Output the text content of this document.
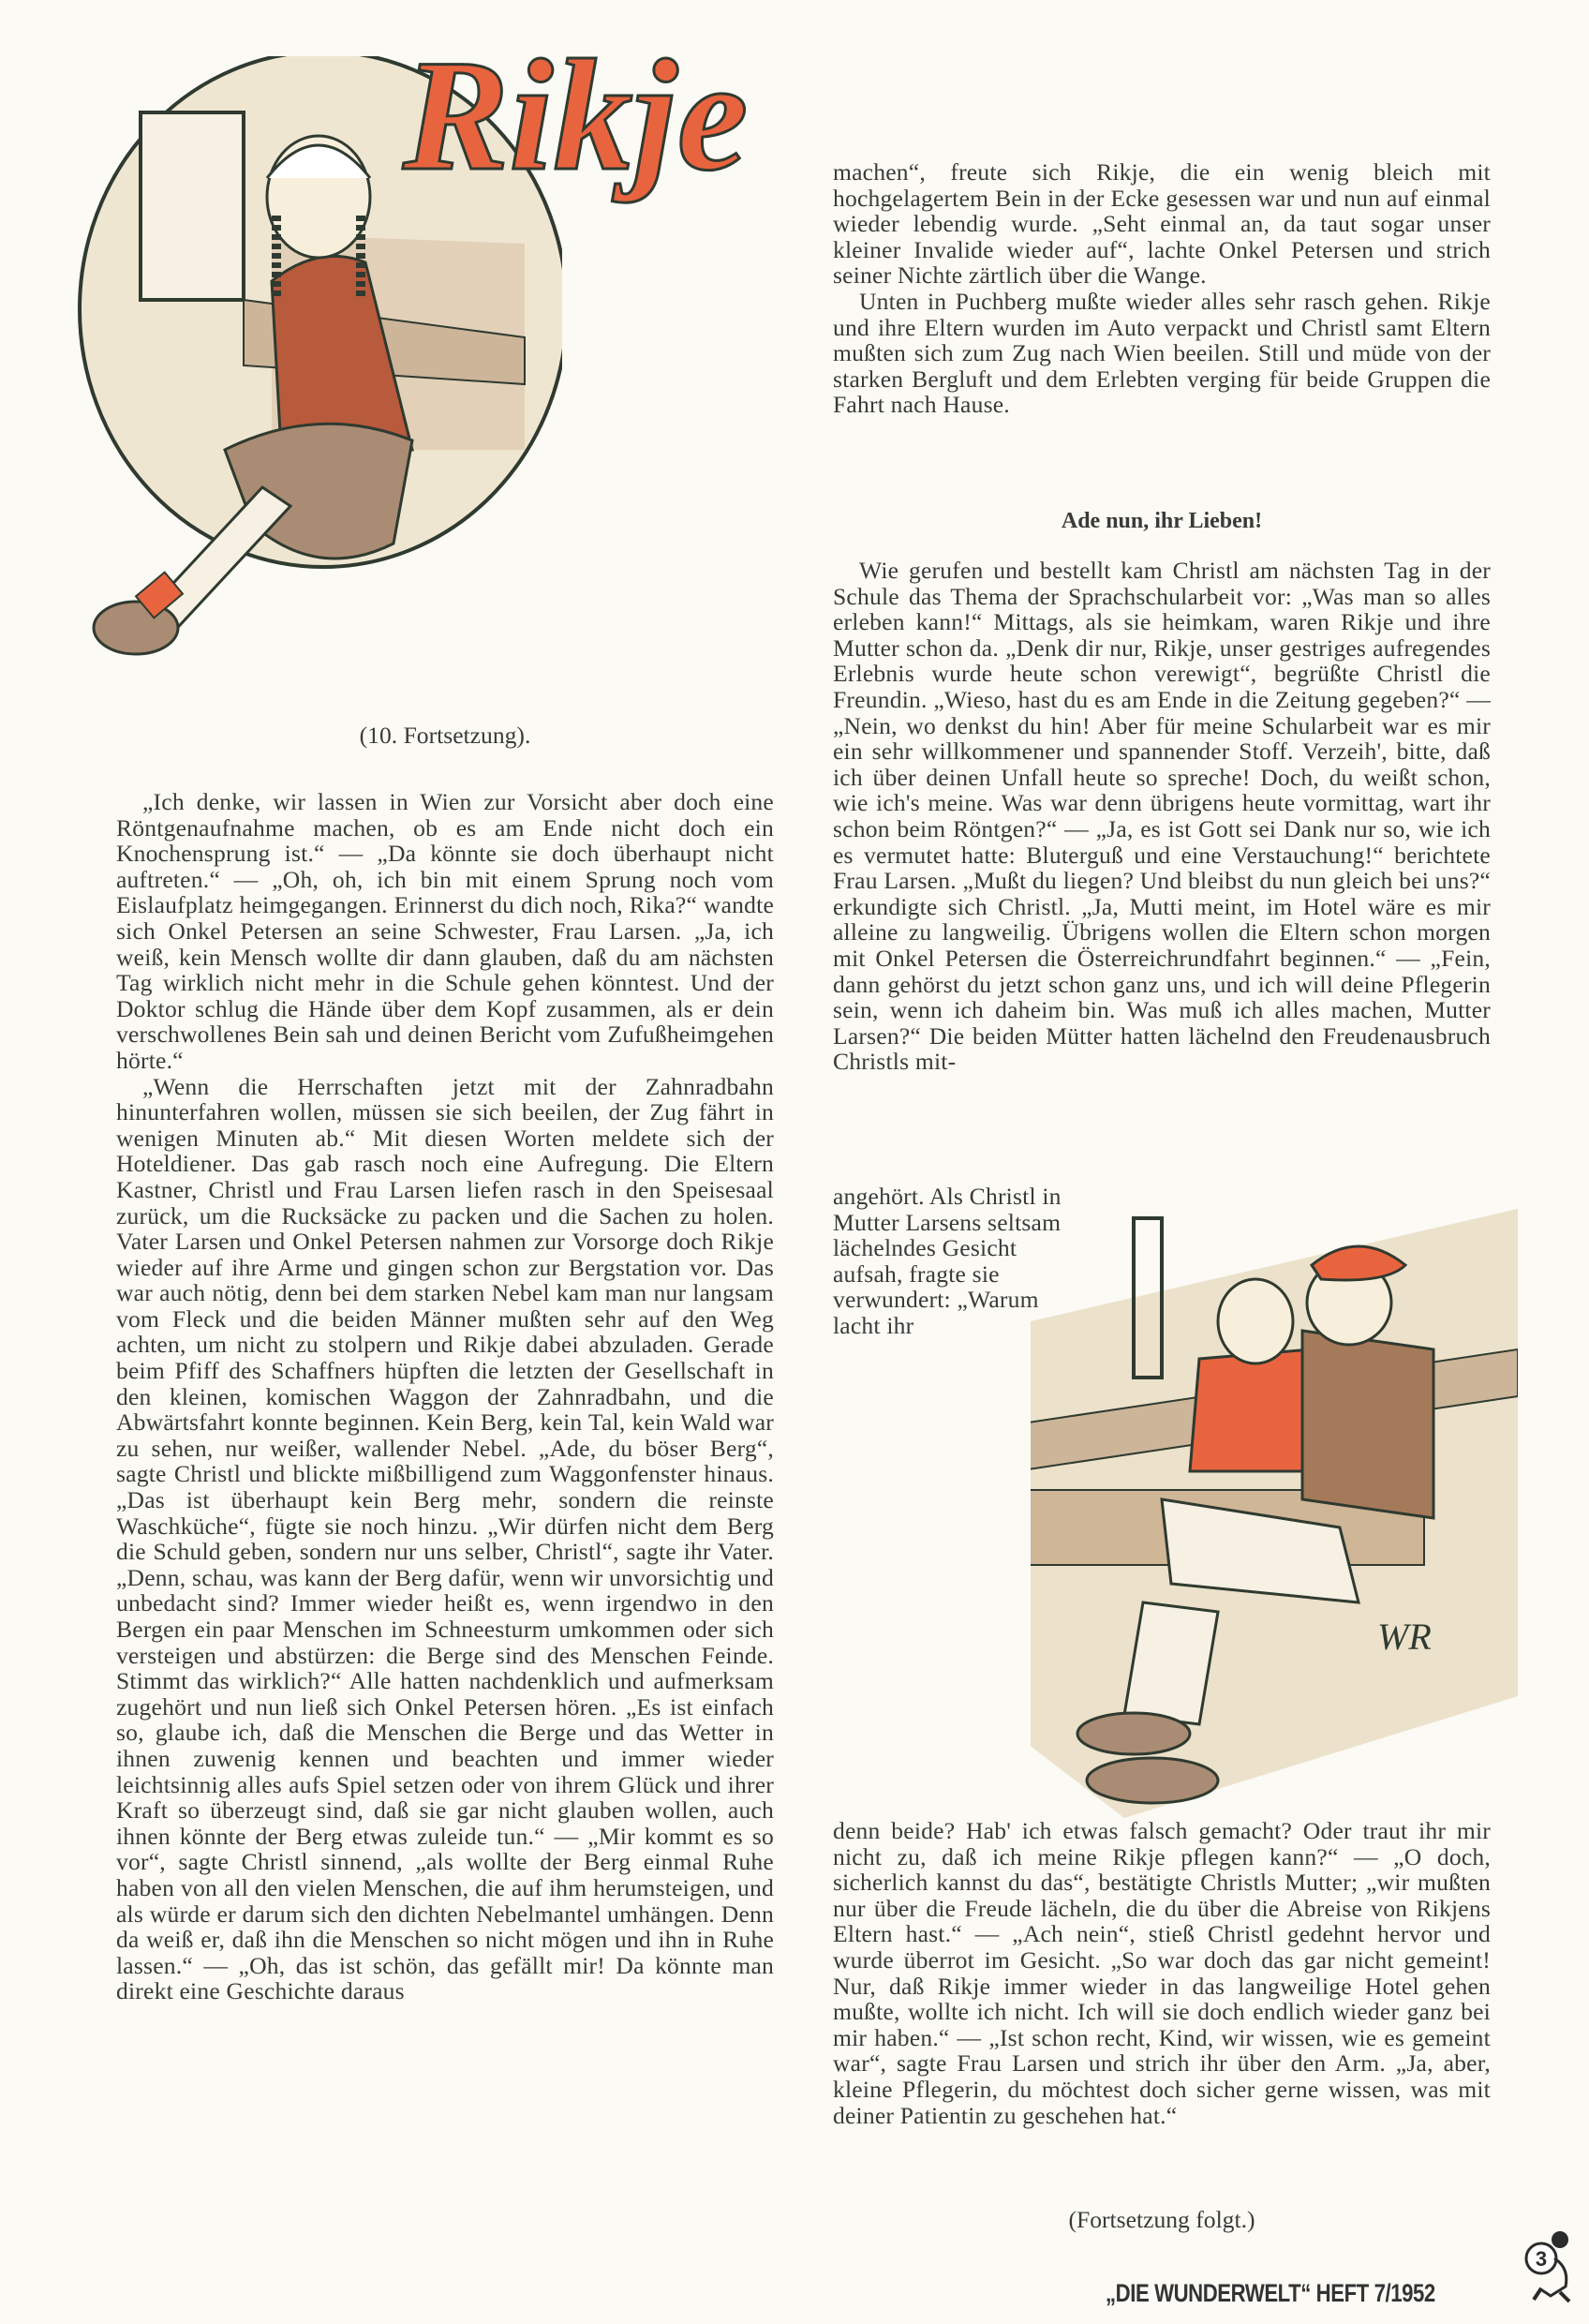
Rikje
(10. Fortsetzung).

„Ich denke, wir lassen in Wien zur Vorsicht aber doch eine Röntgenaufnahme machen, ob es am Ende nicht doch ein Knochensprung ist.“ — „Da könnte sie doch überhaupt nicht auftreten.“ — „Oh, oh, ich bin mit einem Sprung noch vom Eislaufplatz heimgegangen. Erinnerst du dich noch, Rika?“ wandte sich Onkel Petersen an seine Schwester, Frau Larsen. „Ja, ich weiß, kein Mensch wollte dir dann glauben, daß du am nächsten Tag wirklich nicht mehr in die Schule gehen könntest. Und der Doktor schlug die Hände über dem Kopf zusammen, als er dein verschwollenes Bein sah und deinen Bericht vom Zufußheimgehen hörte.“

„Wenn die Herrschaften jetzt mit der Zahnradbahn hinunterfahren wollen, müssen sie sich beeilen, der Zug fährt in wenigen Minuten ab.“ Mit diesen Worten meldete sich der Hoteldiener. Das gab rasch noch eine Aufregung. Die Eltern Kastner, Christl und Frau Larsen liefen rasch in den Speisesaal zurück, um die Rucksäcke zu packen und die Sachen zu holen. Vater Larsen und Onkel Petersen nahmen zur Vorsorge doch Rikje wieder auf ihre Arme und gingen schon zur Bergstation vor. Das war auch nötig, denn bei dem starken Nebel kam man nur langsam vom Fleck und die beiden Männer mußten sehr auf den Weg achten, um nicht zu stolpern und Rikje dabei abzuladen. Gerade beim Pfiff des Schaffners hüpften die letzten der Gesellschaft in den kleinen, komischen Waggon der Zahnradbahn, und die Abwärtsfahrt konnte beginnen. Kein Berg, kein Tal, kein Wald war zu sehen, nur weißer, wallender Nebel. „Ade, du böser Berg“, sagte Christl und blickte mißbilligend zum Waggonfenster hinaus. „Das ist überhaupt kein Berg mehr, sondern die reinste Waschküche“, fügte sie noch hinzu. „Wir dürfen nicht dem Berg die Schuld geben, sondern nur uns selber, Christl“, sagte ihr Vater. „Denn, schau, was kann der Berg dafür, wenn wir unvorsichtig und unbedacht sind? Immer wieder heißt es, wenn irgendwo in den Bergen ein paar Menschen im Schneesturm umkommen oder sich versteigen und abstürzen: die Berge sind des Menschen Feinde. Stimmt das wirklich?“ Alle hatten nachdenklich und aufmerksam zugehört und nun ließ sich Onkel Petersen hören. „Es ist einfach so, glaube ich, daß die Menschen die Berge und das Wetter in ihnen zuwenig kennen und beachten und immer wieder leichtsinnig alles aufs Spiel setzen oder von ihrem Glück und ihrer Kraft so überzeugt sind, daß sie gar nicht glauben wollen, auch ihnen könnte der Berg etwas zuleide tun.“ — „Mir kommt es so vor“, sagte Christl sinnend, „als wollte der Berg einmal Ruhe haben von all den vielen Menschen, die auf ihm herumsteigen, und als würde er darum sich den dichten Nebelmantel umhängen. Denn da weiß er, daß ihn die Menschen so nicht mögen und ihn in Ruhe lassen.“ — „Oh, das ist schön, das gefällt mir! Da könnte man direkt eine Geschichte daraus

machen“, freute sich Rikje, die ein wenig bleich mit hochgelagertem Bein in der Ecke gesessen war und nun auf einmal wieder lebendig wurde. „Seht einmal an, da taut sogar unser kleiner Invalide wieder auf“, lachte Onkel Petersen und strich seiner Nichte zärtlich über die Wange.

Unten in Puchberg mußte wieder alles sehr rasch gehen. Rikje und ihre Eltern wurden im Auto verpackt und Christl samt Eltern mußten sich zum Zug nach Wien beeilen. Still und müde von der starken Bergluft und dem Erlebten verging für beide Gruppen die Fahrt nach Hause.

Ade nun, ihr Lieben!

Wie gerufen und bestellt kam Christl am nächsten Tag in der Schule das Thema der Sprachschularbeit vor: „Was man so alles erleben kann!“ Mittags, als sie heimkam, waren Rikje und ihre Mutter schon da. „Denk dir nur, Rikje, unser gestriges aufregendes Erlebnis wurde heute schon verewigt“, begrüßte Christl die Freundin. „Wieso, hast du es am Ende in die Zeitung gegeben?“ — „Nein, wo denkst du hin! Aber für meine Schularbeit war es mir ein sehr willkommener und spannender Stoff. Verzeih', bitte, daß ich über deinen Unfall heute so spreche! Doch, du weißt schon, wie ich's meine. Was war denn übrigens heute vormittag, wart ihr schon beim Röntgen?“ — „Ja, es ist Gott sei Dank nur so, wie ich es vermutet hatte: Bluterguß und eine Verstauchung!“ berichtete Frau Larsen. „Mußt du liegen? Und bleibst du nun gleich bei uns?“ erkundigte sich Christl. „Ja, Mutti meint, im Hotel wäre es mir alleine zu langweilig. Übrigens wollen die Eltern schon morgen mit Onkel Petersen die Österreichrundfahrt beginnen.“ — „Fein, dann gehörst du jetzt schon ganz uns, und ich will deine Pflegerin sein, wenn ich daheim bin. Was muß ich alles machen, Mutter Larsen?“ Die beiden Mütter hatten lächelnd den Freudenausbruch Christls mit-

angehört. Als Christl in Mutter Larsens seltsam lächelndes Gesicht aufsah, fragte sie verwundert: „Warum lacht ihr

WR

denn beide? Hab' ich etwas falsch gemacht? Oder traut ihr mir nicht zu, daß ich meine Rikje pflegen kann?“ — „O doch, sicherlich kannst du das“, bestätigte Christls Mutter; „wir mußten nur über die Freude lächeln, die du über die Abreise von Rikjens Eltern hast.“ — „Ach nein“, stieß Christl gedehnt hervor und wurde überrot im Gesicht. „So war doch das gar nicht gemeint! Nur, daß Rikje immer wieder in das langweilige Hotel gehen mußte, wollte ich nicht. Ich will sie doch endlich wieder ganz bei mir haben.“ — „Ist schon recht, Kind, wir wissen, wie es gemeint war“, sagte Frau Larsen und strich ihr über den Arm. „Ja, aber, kleine Pflegerin, du möchtest doch sicher gerne wissen, was mit deiner Patientin zu geschehen hat.“

(Fortsetzung folgt.)
„DIE WUNDERWELT“ HEFT 7/1952
3
